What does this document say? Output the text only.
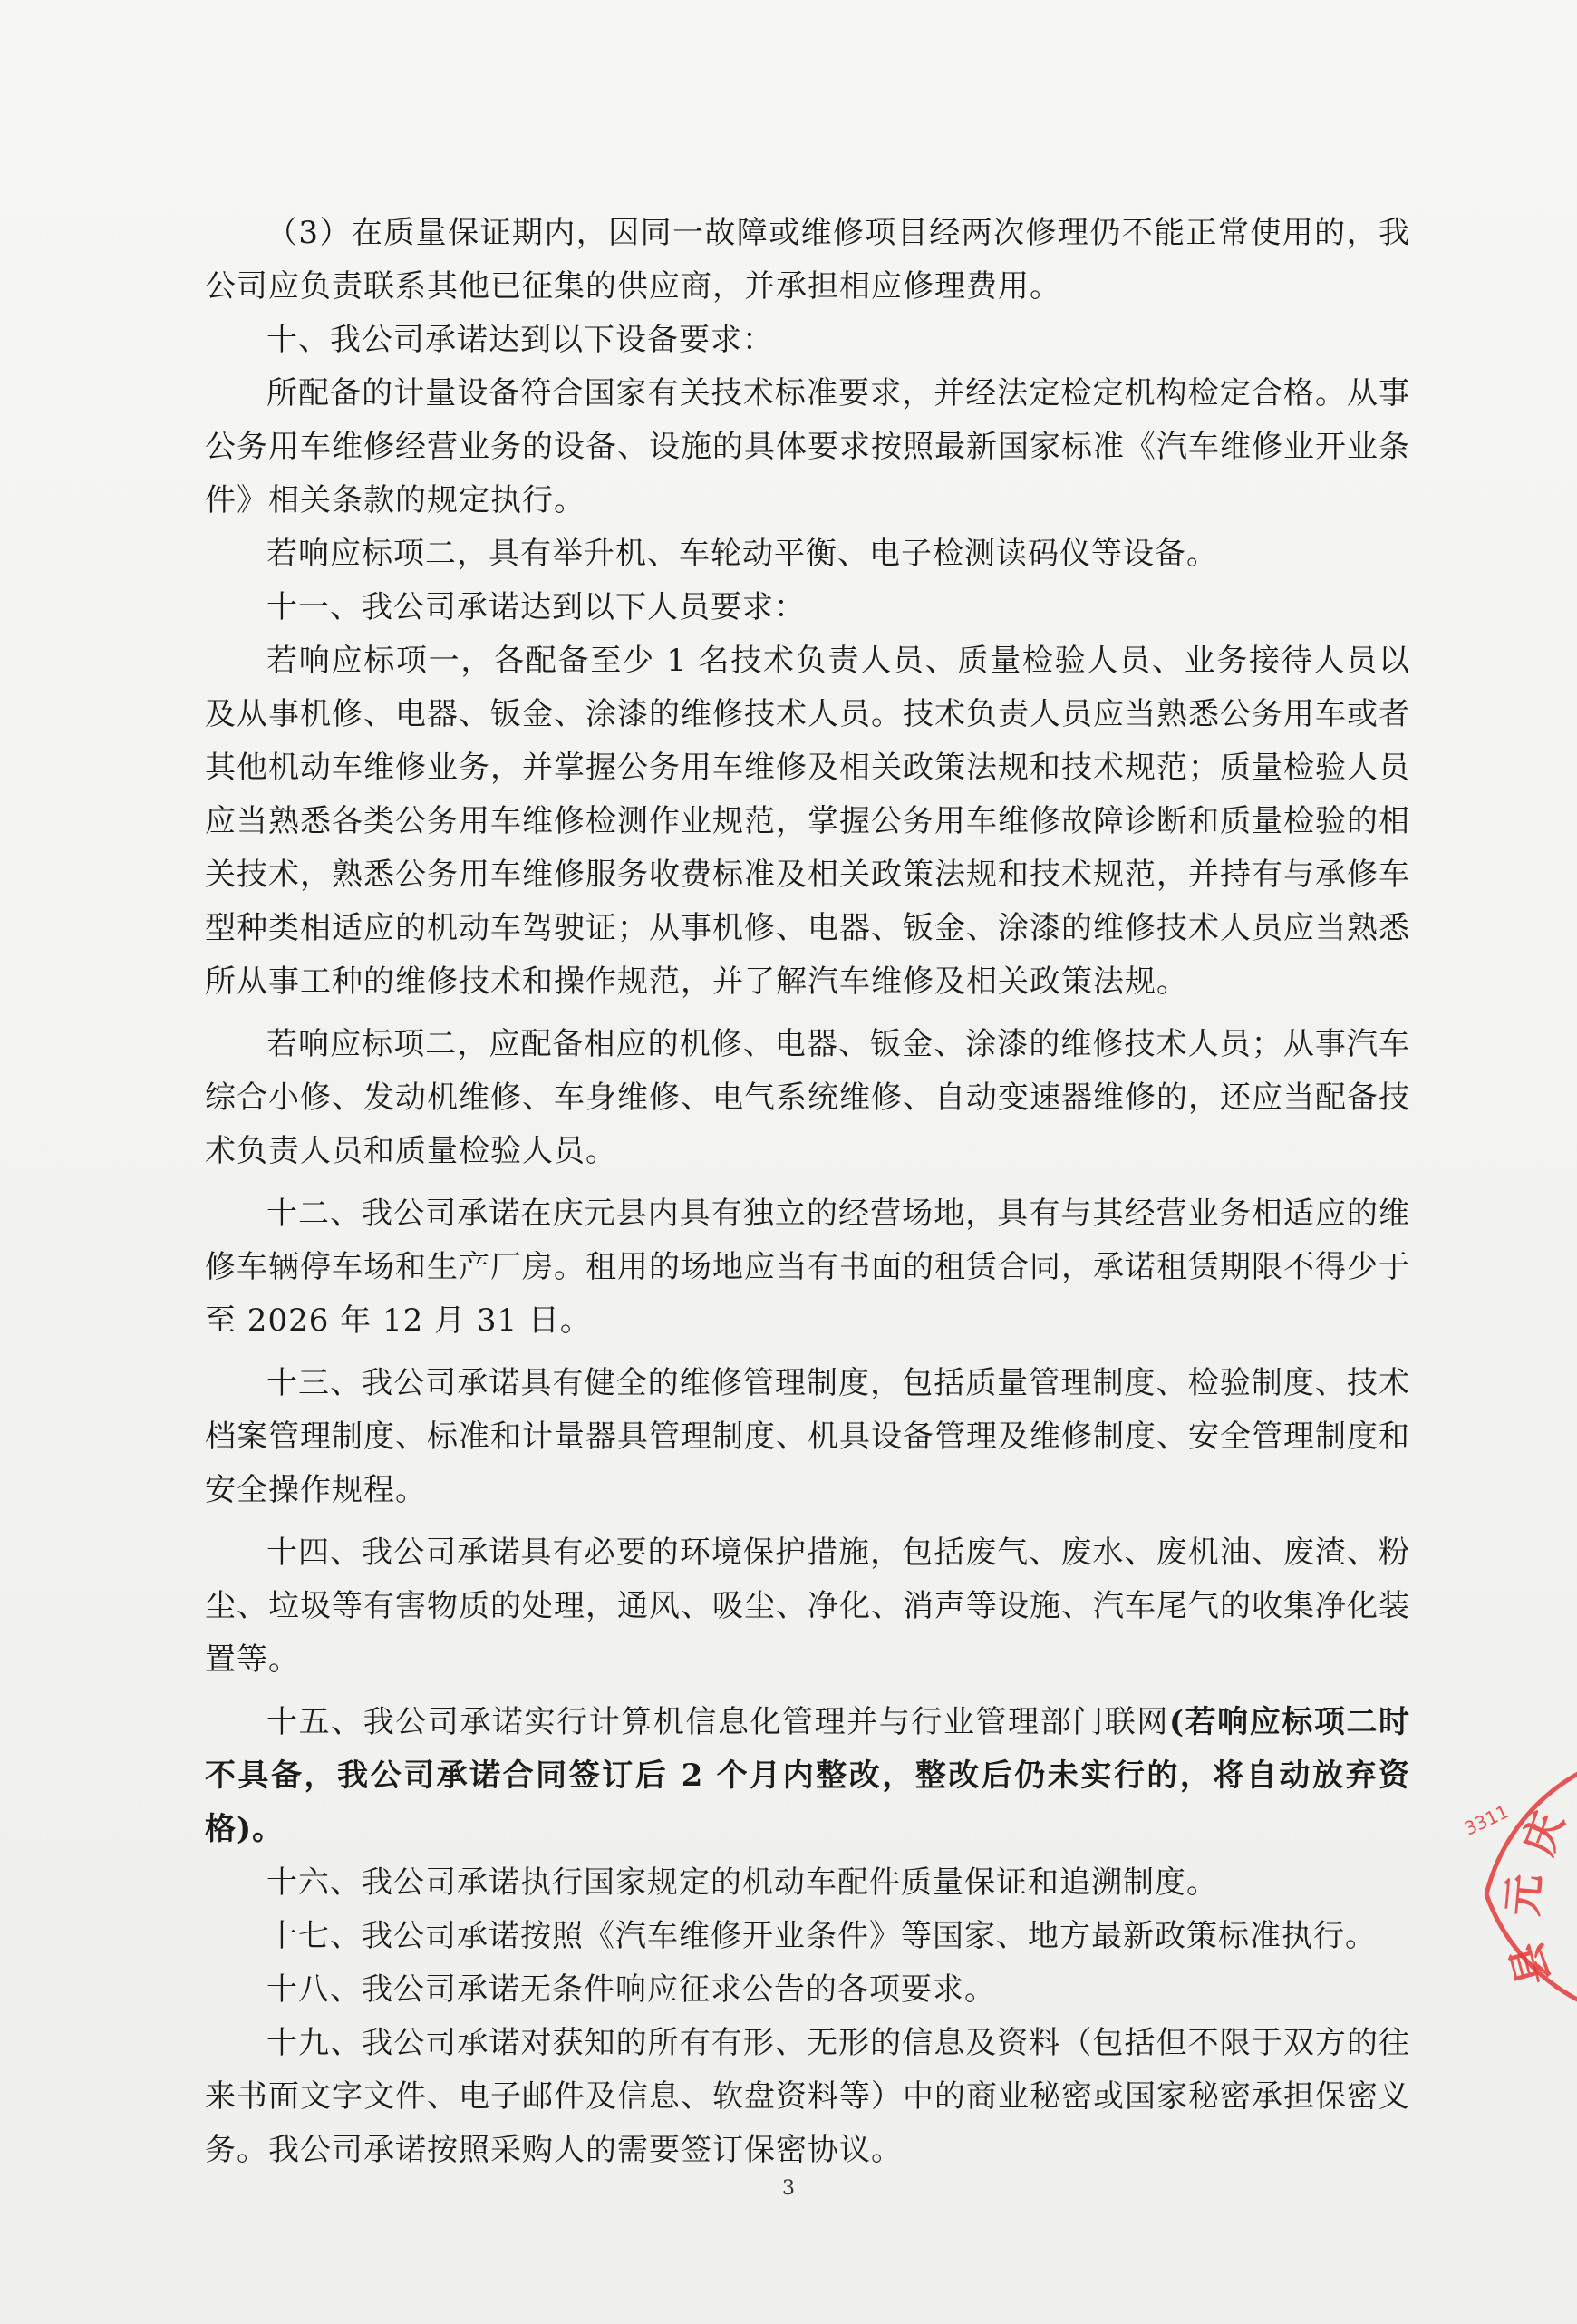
（3）在质量保证期内，因同一故障或维修项目经两次修理仍不能正常使用的，我公司应负责联系其他已征集的供应商，并承担相应修理费用。

十、我公司承诺达到以下设备要求：

所配备的计量设备符合国家有关技术标准要求，并经法定检定机构检定合格。从事公务用车维修经营业务的设备、设施的具体要求按照最新国家标准《汽车维修业开业条件》相关条款的规定执行。

若响应标项二，具有举升机、车轮动平衡、电子检测读码仪等设备。

十一、我公司承诺达到以下人员要求：

若响应标项一，各配备至少 1 名技术负责人员、质量检验人员、业务接待人员以及从事机修、电器、钣金、涂漆的维修技术人员。技术负责人员应当熟悉公务用车或者其他机动车维修业务，并掌握公务用车维修及相关政策法规和技术规范；质量检验人员应当熟悉各类公务用车维修检测作业规范，掌握公务用车维修故障诊断和质量检验的相关技术，熟悉公务用车维修服务收费标准及相关政策法规和技术规范，并持有与承修车型种类相适应的机动车驾驶证；从事机修、电器、钣金、涂漆的维修技术人员应当熟悉所从事工种的维修技术和操作规范，并了解汽车维修及相关政策法规。

若响应标项二，应配备相应的机修、电器、钣金、涂漆的维修技术人员；从事汽车综合小修、发动机维修、车身维修、电气系统维修、自动变速器维修的，还应当配备技术负责人员和质量检验人员。

十二、我公司承诺在庆元县内具有独立的经营场地，具有与其经营业务相适应的维修车辆停车场和生产厂房。租用的场地应当有书面的租赁合同，承诺租赁期限不得少于至 2026 年 12 月 31 日。

十三、我公司承诺具有健全的维修管理制度，包括质量管理制度、检验制度、技术档案管理制度、标准和计量器具管理制度、机具设备管理及维修制度、安全管理制度和安全操作规程。

十四、我公司承诺具有必要的环境保护措施，包括废气、废水、废机油、废渣、粉尘、垃圾等有害物质的处理，通风、吸尘、净化、消声等设施、汽车尾气的收集净化装置等。

十五、我公司承诺实行计算机信息化管理并与行业管理部门联网(若响应标项二时不具备，我公司承诺合同签订后 2 个月内整改，整改后仍未实行的，将自动放弃资格)。

十六、我公司承诺执行国家规定的机动车配件质量保证和追溯制度。

十七、我公司承诺按照《汽车维修开业条件》等国家、地方最新政策标准执行。

十八、我公司承诺无条件响应征求公告的各项要求。

十九、我公司承诺对获知的所有有形、无形的信息及资料（包括但不限于双方的往来书面文字文件、电子邮件及信息、软盘资料等）中的商业秘密或国家秘密承担保密义务。我公司承诺按照采购人的需要签订保密协议。

3
庆
元
县
3311
